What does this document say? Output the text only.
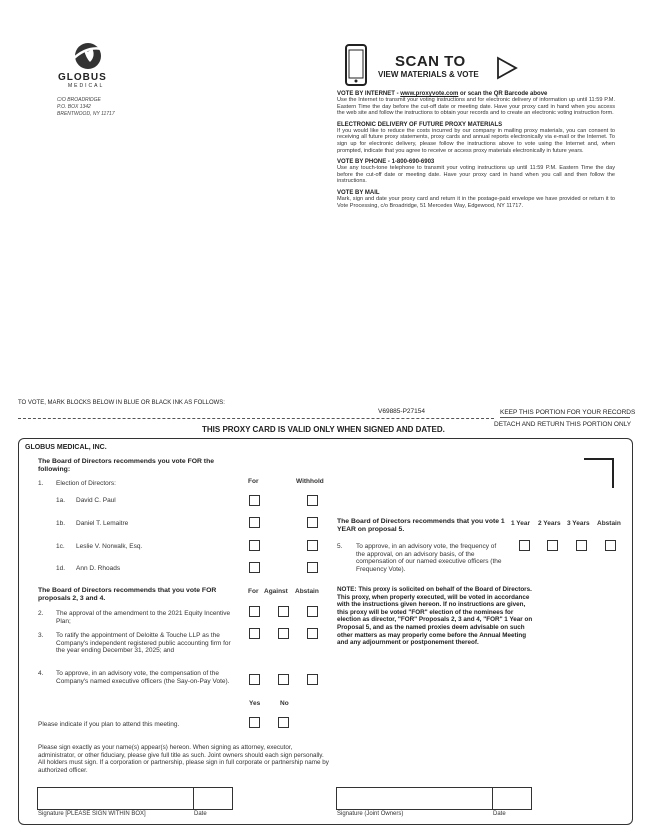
GLOBUS
MEDICAL
C/O BROADRIDGE
P.O. BOX 1342
BRENTWOOD, NY 11717
SCAN TO
VIEW MATERIALS & VOTE
VOTE BY INTERNET - www.proxyvote.com or scan the QR Barcode above
Use the Internet to transmit your voting instructions and for electronic delivery of information up until 11:59 P.M. Eastern Time the day before the cut-off date or meeting date. Have your proxy card in hand when you access the web site and follow the instructions to obtain your records and to create an electronic voting instruction form.
ELECTRONIC DELIVERY OF FUTURE PROXY MATERIALS
If you would like to reduce the costs incurred by our company in mailing proxy materials, you can consent to receiving all future proxy statements, proxy cards and annual reports electronically via e-mail or the Internet. To sign up for electronic delivery, please follow the instructions above to vote using the Internet and, when prompted, indicate that you agree to receive or access proxy materials electronically in future years.
VOTE BY PHONE - 1-800-690-6903
Use any touch-tone telephone to transmit your voting instructions up until 11:59 P.M. Eastern Time the day before the cut-off date or meeting date. Have your proxy card in hand when you call and then follow the instructions.
VOTE BY MAIL
Mark, sign and date your proxy card and return it in the postage-paid envelope we have provided or return it to Vote Processing, c/o Broadridge, 51 Mercedes Way, Edgewood, NY 11717.
TO VOTE, MARK BLOCKS BELOW IN BLUE OR BLACK INK AS FOLLOWS:
V69885-P27154	KEEP THIS PORTION FOR YOUR RECORDS
DETACH AND RETURN THIS PORTION ONLY
THIS PROXY CARD IS VALID ONLY WHEN SIGNED AND DATED.
GLOBUS MEDICAL, INC.
The Board of Directors recommends you vote FOR the following:
1. Election of Directors:	For	Withhold
1a. David C. Paul
1b. Daniel T. Lemaitre
1c. Leslie V. Norwalk, Esq.
1d. Ann D. Rhoads
The Board of Directors recommends that you vote FOR proposals 2, 3 and 4.
For Against Abstain
2. The approval of the amendment to the 2021 Equity Incentive Plan;
3. To ratify the appointment of Deloitte & Touche LLP as the Company's independent registered public accounting firm for the year ending December 31, 2025; and
4. To approve, in an advisory vote, the compensation of the Company's named executive officers (the Say-on-Pay Vote).
Yes	No
Please indicate if you plan to attend this meeting.
The Board of Directors recommends that you vote 1 YEAR on proposal 5.
1 Year 2 Years 3 Years Abstain
5. To approve, in an advisory vote, the frequency of the approval, on an advisory basis, of the compensation of our named executive officers (the Frequency Vote).
NOTE: This proxy is solicited on behalf of the Board of Directors. This proxy, when properly executed, will be voted in accordance with the instructions given hereon. If no instructions are given, this proxy will be voted "FOR" election of the nominees for election as director, "FOR" Proposals 2, 3 and 4, "FOR" 1 Year on Proposal 5, and as the named proxies deem advisable on such other matters as may properly come before the Annual Meeting and any adjournment or postponement thereof.
Please sign exactly as your name(s) appear(s) hereon. When signing as attorney, executor, administrator, or other fiduciary, please give full title as such. Joint owners should each sign personally. All holders must sign. If a corporation or partnership, please sign in full corporate or partnership name by authorized officer.
Signature [PLEASE SIGN WITHIN BOX]	Date	Signature (Joint Owners)	Date
